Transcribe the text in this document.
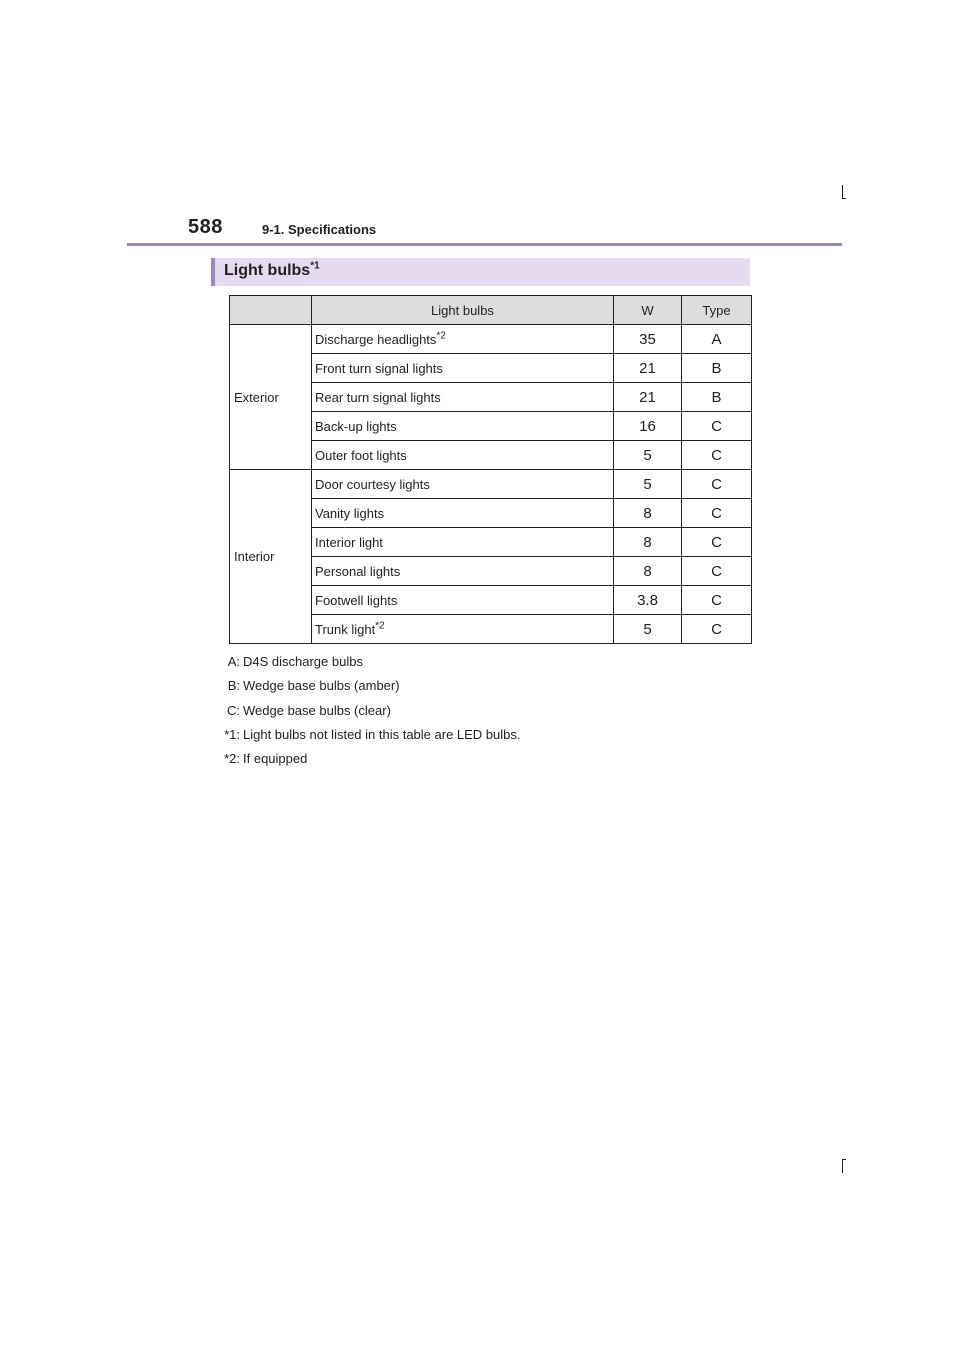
588	9-1. Specifications
Light bulbs$^{*1}$
	Light bulbs	W	Type
Exterior	Discharge headlights$^{*2}$	35	A
	Front turn signal lights	21	B
	Rear turn signal lights	21	B
	Back-up lights	16	C
	Outer foot lights	5	C
Interior	Door courtesy lights	5	C
	Vanity lights	8	C
	Interior light	8	C
	Personal lights	8	C
	Footwell lights	3.8	C
	Trunk light$^{*2}$	5	C
A: D4S discharge bulbs
B: Wedge base bulbs (amber)
C: Wedge base bulbs (clear)
*1: Light bulbs not listed in this table are LED bulbs.
*2: If equipped
